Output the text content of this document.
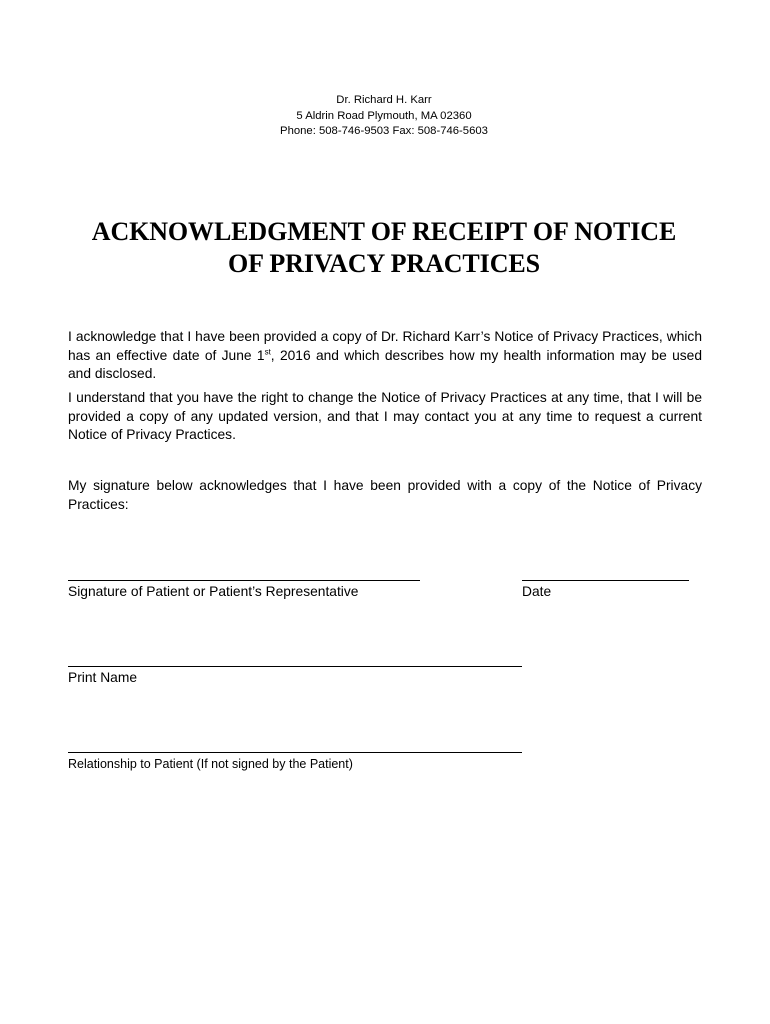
Dr. Richard H. Karr
5 Aldrin Road Plymouth, MA 02360
Phone: 508-746-9503 Fax: 508-746-5603
ACKNOWLEDGMENT OF RECEIPT OF NOTICE
OF PRIVACY PRACTICES

I acknowledge that I have been provided a copy of Dr. Richard Karr’s Notice of Privacy Practices, which has an effective date of June 1st, 2016 and which describes how my health information may be used and disclosed.

I understand that you have the right to change the Notice of Privacy Practices at any time, that I will be provided a copy of any updated version, and that I may contact you at any time to request a current Notice of Privacy Practices.

My signature below acknowledges that I have been provided with a copy of the Notice of Privacy Practices:

Signature of Patient or Patient’s Representative	Date
Print Name
Relationship to Patient (If not signed by the Patient)
